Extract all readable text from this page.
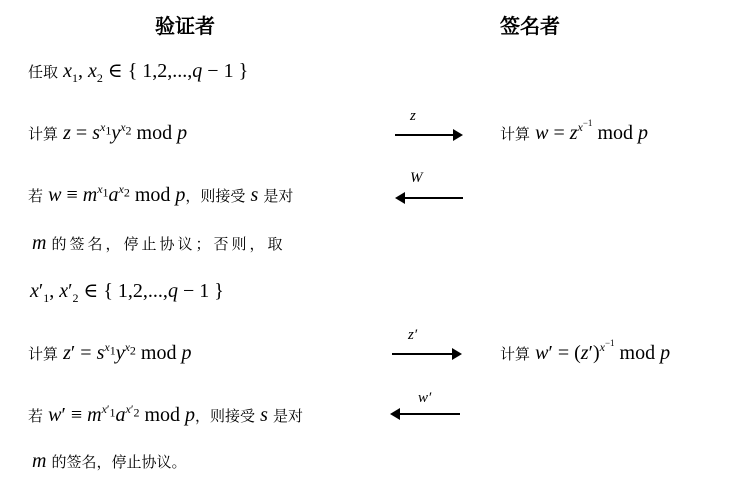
验证者	签名者
任取 $x_1$, $x_2$ ∈ { 1,2,...,q − 1 }
计算 $z = s^{x_1}y^{x_2}$ mod p
z
计算 $w = z^{x^{-1}}$ mod p
W
若 $w \equiv m^{x_1}a^{x_2}$ mod p，则接受 s 是对
m 的签名，停止协议；否则，取
$x'_1$, $x'_2$ ∈ { 1,2,...,q − 1 }
计算 $z' = s^{x_1}y^{x_2}$ mod p
z′
计算 $w' = (z')^{x^{-1}}$ mod p
w′
若 $w' \equiv m^{x'_1}a^{x'_2}$ mod p，则接受 s 是对
m 的签名，停止协议。
